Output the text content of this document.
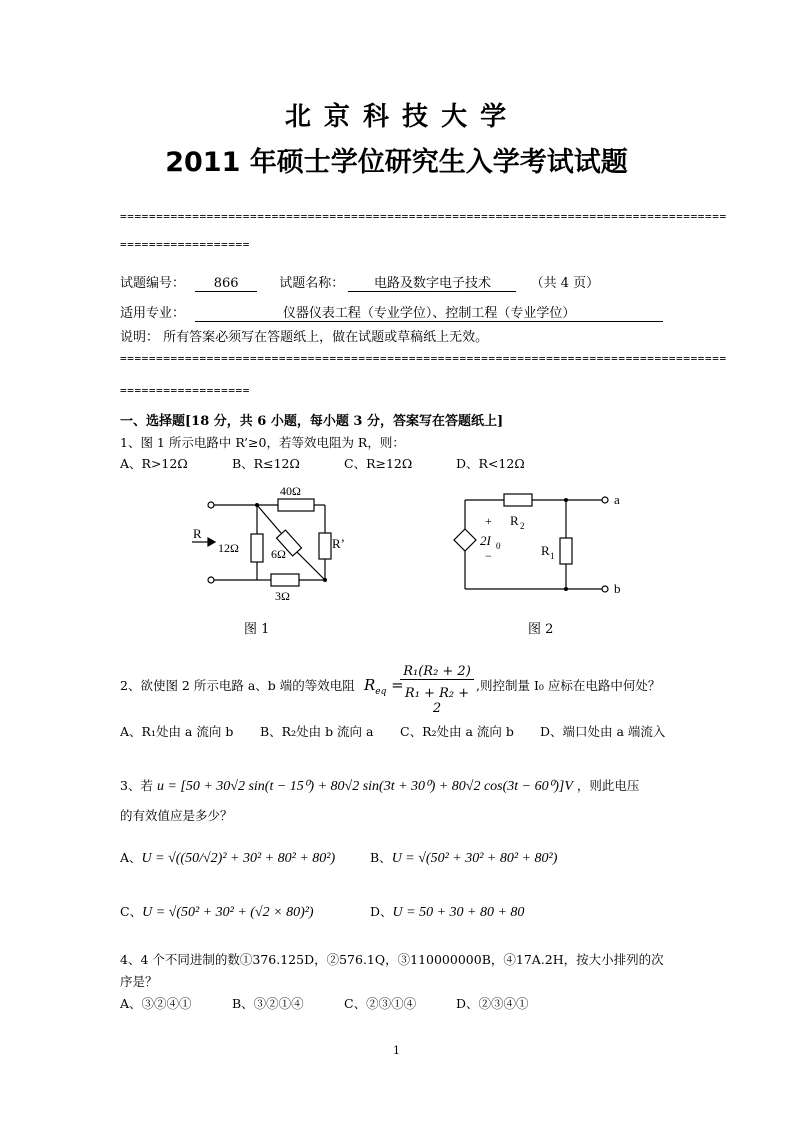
北 京 科 技 大 学
2011 年硕士学位研究生入学考试试题
====================================================================================
==================
试题编号： 866	试题名称： 电路及数字电子技术	（共 4 页）
适用专业：	仪器仪表工程（专业学位）、控制工程（专业学位）
说明： 所有答案必须写在答题纸上，做在试题或草稿纸上无效。
====================================================================================
==================
一、选择题[18 分，共 6 小题，每小题 3 分，答案写在答题纸上]
1、图 1 所示电路中 R’≥0，若等效电阻为 R，则：
A、R>12Ω	B、R≤12Ω	C、R≥12Ω	D、R<12Ω
40Ω
12Ω	6Ω
3Ω
R’
R
图 1
+
−
2I 0
R 2
R 1
a
b
图 2
2、欲使图 2 所示电路 a、b 端的等效电阻 $R_{eq}$ =
R₁(R₂ + 2)
R₁ + R₂ + 2
,则控制量 I₀ 应标在电路中何处？
A、R₁处由 a 流向 b B、R₂处由 b 流向 a C、R₂处由 a 流向 b D、端口处由 a 端流入
3、若 u = [50 + 30√2 sin(t − 15⁰) + 80√2 sin(3t + 30⁰) + 80√2 cos(3t − 60⁰)]V ，则此电压
的有效值应是多少？
A、U = √((50/√2)² + 30² + 80² + 80²)	B、U = √(50² + 30² + 80² + 80²)
C、U = √(50² + 30² + (√2 × 80)²)	D、U = 50 + 30 + 80 + 80
4、4 个不同进制的数①376.125D，②576.1Q，③110000000B，④17A.2H，按大小排列的次
序是？
A、③②④①	B、③②①④	C、②③①④	D、②③④①
1
